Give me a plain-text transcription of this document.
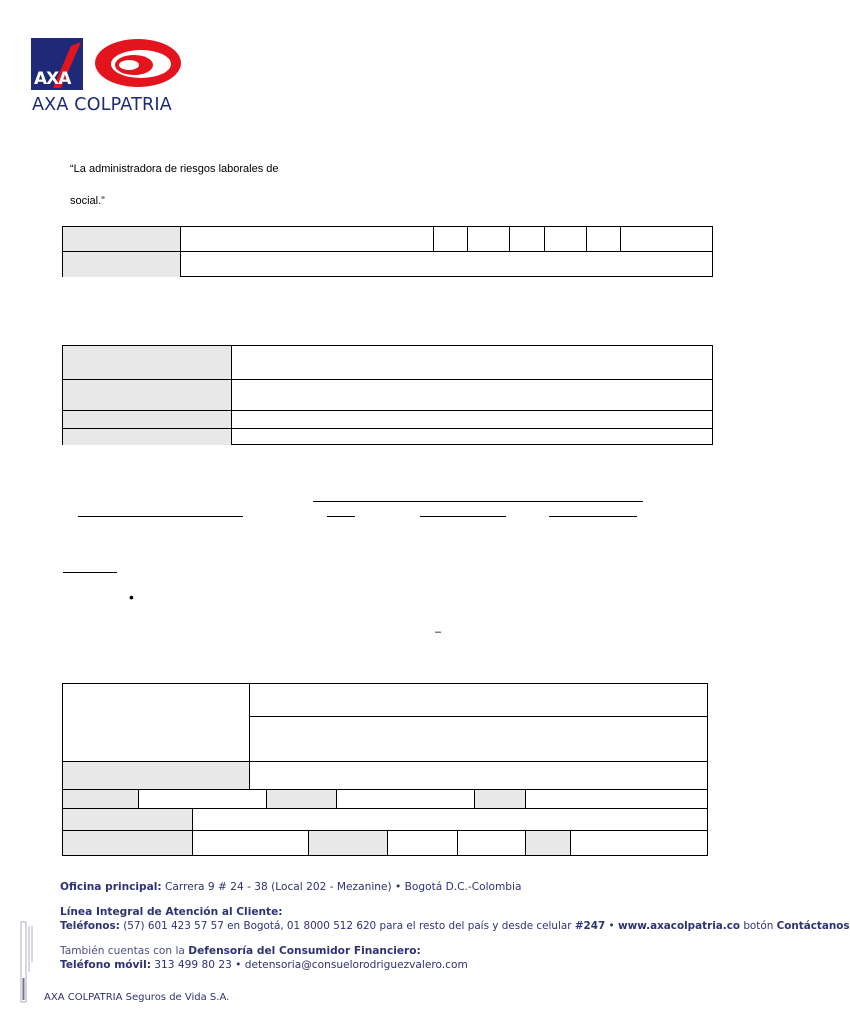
AXA
AXA COLPATRIA
“La administradora de riesgos laborales de
social.”
•
–
Oficina principal: Carrera 9 # 24 - 38 (Local 202 - Mezanine) • Bogotá D.C.-Colombia
Línea Integral de Atención al Cliente:
Teléfonos: (57) 601 423 57 57 en Bogotá, 01 8000 512 620 para el resto del país y desde celular #247 • www.axacolpatria.co botón Contáctanos
También cuentas con la Defensoría del Consumidor Financiero:
Teléfono móvil: 313 499 80 23 • detensoria@consuelorodriguezvalero.com
AXA COLPATRIA Seguros de Vida S.A.
